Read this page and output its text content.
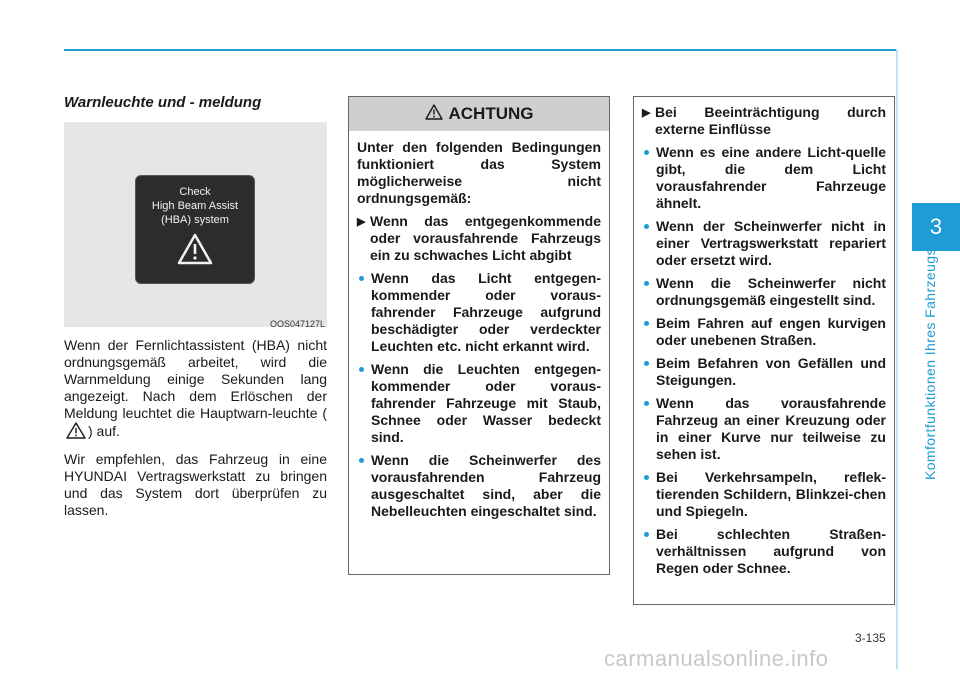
3
Komfortfunktionen Ihres Fahrzeugs
Warnleuchte und - meldung
Check
High Beam Assist
(HBA) system
OOS047127L

Wenn der Fernlichtassistent (HBA) nicht ordnungsgemäß arbeitet, wird die Warnmeldung einige Sekunden lang angezeigt. Nach dem Erlöschen der Meldung leuchtet die Hauptwarn-leuchte () auf.

Wir empfehlen, das Fahrzeug in eine HYUNDAI Vertragswerkstatt zu bringen und das System dort überprüfen zu lassen.

ACHTUNG

Unter den folgenden Bedingungen funktioniert das System möglicherweise nicht ordnungsgemäß:

▶ Wenn das entgegenkommende oder vorausfahrende Fahrzeugs ein zu schwaches Licht abgibt
Wenn das Licht entgegen-kommender oder voraus-fahrender Fahrzeuge aufgrund beschädigter oder verdeckter Leuchten etc. nicht erkannt wird.
Wenn die Leuchten entgegen-kommender oder voraus-fahrender Fahrzeuge mit Staub, Schnee oder Wasser bedeckt sind.
Wenn die Scheinwerfer des vorausfahrenden Fahrzeug ausgeschaltet sind, aber die Nebelleuchten eingeschaltet sind.
▶ Bei Beeinträchtigung durch externe Einflüsse
Wenn es eine andere Licht-quelle gibt, die dem Licht vorausfahrender Fahrzeuge ähnelt.
Wenn der Scheinwerfer nicht in einer Vertragswerkstatt repariert oder ersetzt wird.
Wenn die Scheinwerfer nicht ordnungsgemäß eingestellt sind.
Beim Fahren auf engen kurvigen oder unebenen Straßen.
Beim Befahren von Gefällen und Steigungen.
Wenn das vorausfahrende Fahrzeug an einer Kreuzung oder in einer Kurve nur teilweise zu sehen ist.
Bei Verkehrsampeln, reflek-tierenden Schildern, Blinkzei-chen und Spiegeln.
Bei schlechten Straßen-verhältnissen aufgrund von Regen oder Schnee.
3-135
carmanualsonline.info
